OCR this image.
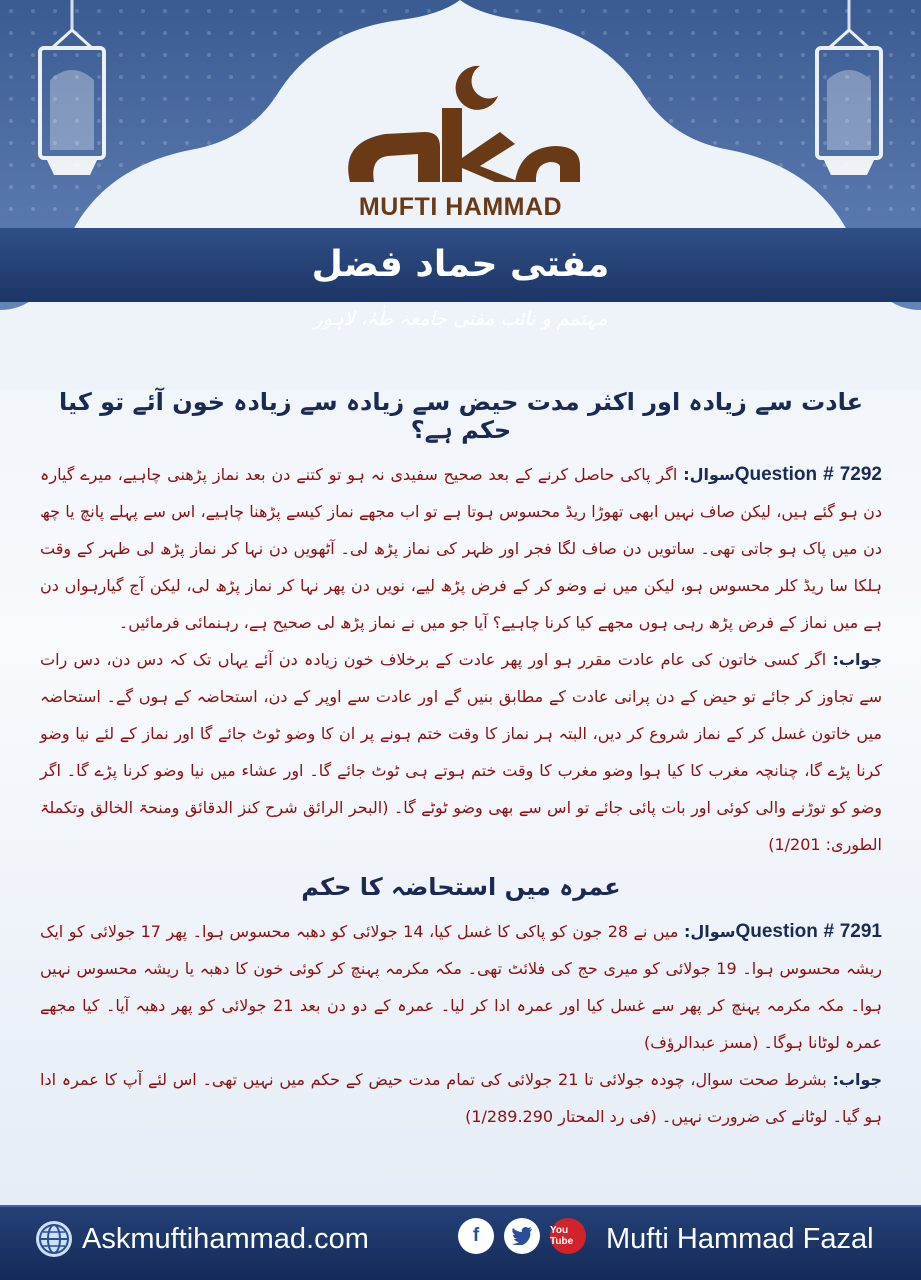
MUFTI HAMMAD
مفتی حماد فضل
مہتمم و نائب مفتی جامعہ طٰہٰ، لاہور
عادت سے زیادہ اور اکثر مدت حیض سے زیادہ سے زیادہ خون آئے تو کیا حکم ہے؟

Question # 7292سوال: اگر پاکی حاصل کرنے کے بعد صحیح سفیدی نہ ہو تو کتنے دن بعد نماز پڑھنی چاہیے، میرے گیارہ دن ہو گئے ہیں، لیکن صاف نہیں ابھی تھوڑا ریڈ محسوس ہوتا ہے تو اب مجھے نماز کیسے پڑھنا چاہیے، اس سے پہلے پانچ یا چھ دن میں پاک ہو جاتی تھی۔ ساتویں دن صاف لگا فجر اور ظہر کی نماز پڑھ لی۔ آٹھویں دن نہا کر نماز پڑھ لی ظہر کے وقت ہلکا سا ریڈ کلر محسوس ہو، لیکن میں نے وضو کر کے فرض پڑھ لیے، نویں دن پھر نہا کر نماز پڑھ لی، لیکن آج گیارہواں دن ہے میں نماز کے فرض پڑھ رہی ہوں مجھے کیا کرنا چاہیے؟ آیا جو میں نے نماز پڑھ لی صحیح ہے، رہنمائی فرمائیں۔

جواب: اگر کسی خاتون کی عام عادت مقرر ہو اور پھر عادت کے برخلاف خون زیادہ دن آئے یہاں تک کہ دس دن، دس رات سے تجاوز کر جائے تو حیض کے دن پرانی عادت کے مطابق بنیں گے اور عادت سے اوپر کے دن، استحاضہ کے ہوں گے۔ استحاضہ میں خاتون غسل کر کے نماز شروع کر دیں، البتہ ہر نماز کا وقت ختم ہونے پر ان کا وضو ٹوٹ جائے گا اور نماز کے لئے نیا وضو کرنا پڑے گا، چنانچہ مغرب کا کیا ہوا وضو مغرب کا وقت ختم ہوتے ہی ٹوٹ جائے گا۔ اور عشاء میں نیا وضو کرنا پڑے گا۔ اگر وضو کو توڑنے والی کوئی اور بات پائی جائے تو اس سے بھی وضو ٹوٹے گا۔ (البحر الرائق شرح کنز الدقائق ومنحۃ الخالق وتکملۃ الطوری: 1/201)

عمرہ میں استحاضہ کا حکم

Question # 7291سوال: میں نے 28 جون کو پاکی کا غسل کیا، 14 جولائی کو دھبہ محسوس ہوا۔ پھر 17 جولائی کو ایک ریشہ محسوس ہوا۔ 19 جولائی کو میری حج کی فلائٹ تھی۔ مکہ مکرمہ پہنچ کر کوئی خون کا دھبہ یا ریشہ محسوس نہیں ہوا۔ مکہ مکرمہ پہنچ کر پھر سے غسل کیا اور عمرہ ادا کر لیا۔ عمرہ کے دو دن بعد 21 جولائی کو پھر دھبہ آیا۔ کیا مجھے عمرہ لوٹانا ہوگا۔ (مسز عبدالرؤف)

جواب: بشرط صحت سوال، چودہ جولائی تا 21 جولائی کی تمام مدت حیض کے حکم میں نہیں تھی۔ اس لئے آپ کا عمرہ ادا ہو گیا۔ لوٹانے کی ضرورت نہیں۔ (فی رد المحتار 1/289.290)

Askmuftihammad.com	f	You Tube	Mufti Hammad Fazal
